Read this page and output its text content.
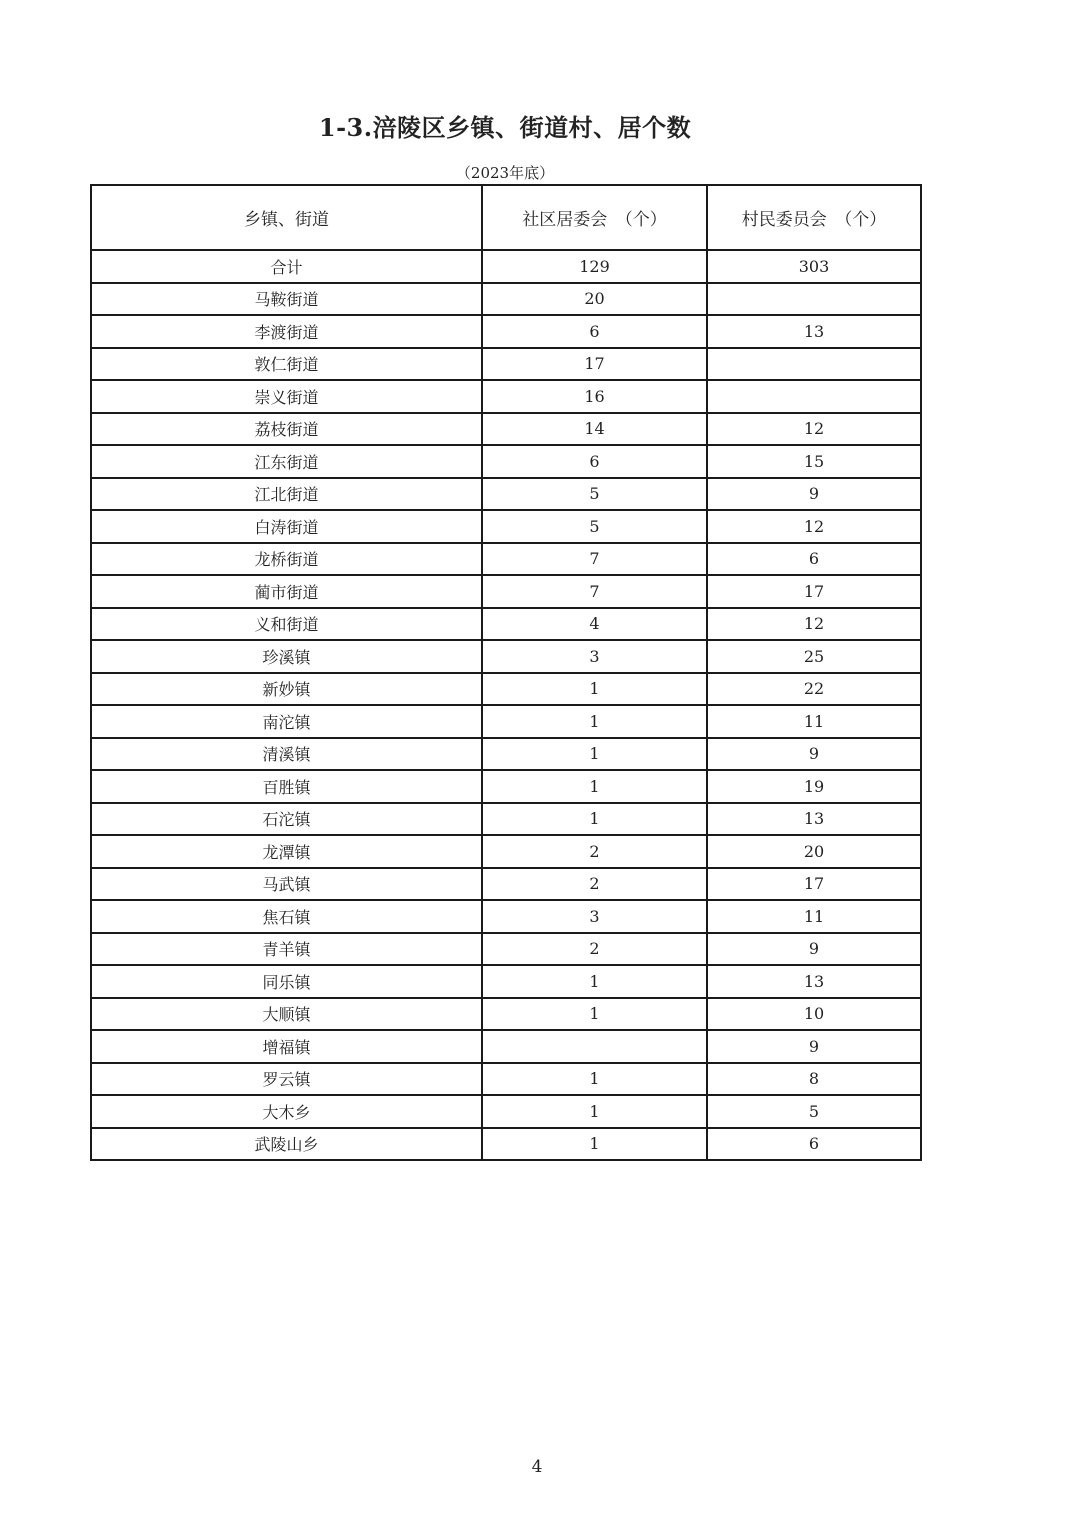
1-3.涪陵区乡镇、街道村、居个数
（2023年底）
乡镇、街道	社区居委会　（个）	村民委员会　（个）
合计	129	303
马鞍街道	20	
李渡街道	6	13
敦仁街道	17	
崇义街道	16	
荔枝街道	14	12
江东街道	6	15
江北街道	5	9
白涛街道	5	12
龙桥街道	7	6
蔺市街道	7	17
义和街道	4	12
珍溪镇	3	25
新妙镇	1	22
南沱镇	1	11
清溪镇	1	9
百胜镇	1	19
石沱镇	1	13
龙潭镇	2	20
马武镇	2	17
焦石镇	3	11
青羊镇	2	9
同乐镇	1	13
大顺镇	1	10
增福镇		9
罗云镇	1	8
大木乡	1	5
武陵山乡	1	6
4
